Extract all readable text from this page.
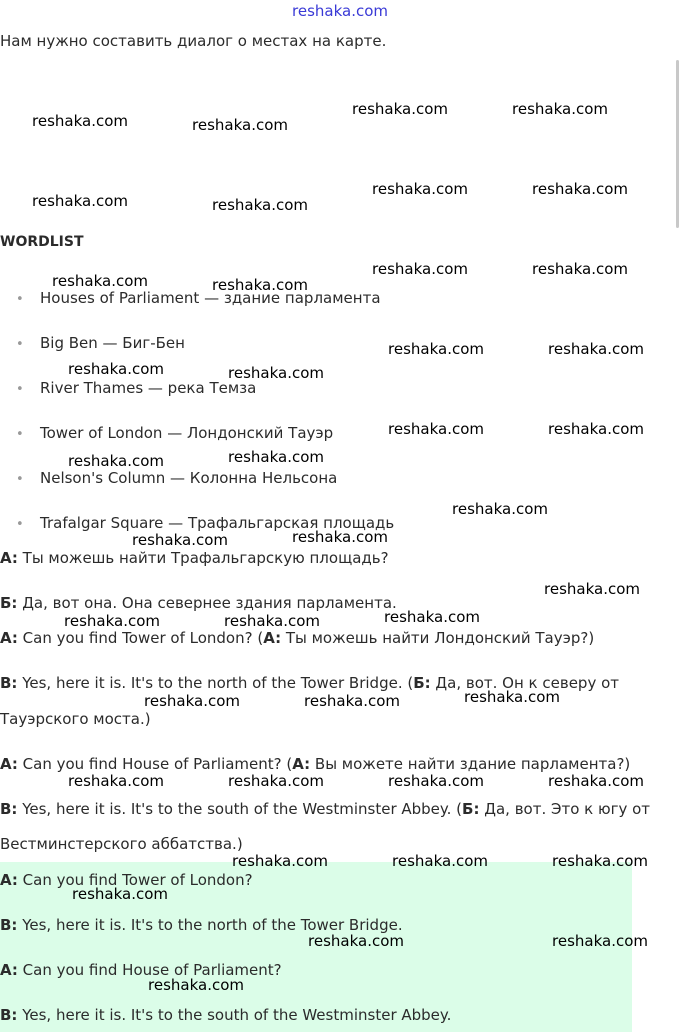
reshaka.com
Нам нужно составить диалог о местах на карте.
WORDLIST
• Houses of Parliament — здание парламента
• Big Ben — Биг-Бен
• River Thames — река Темза
• Tower of London — Лондонский Тауэр
• Nelson's Column — Колонна Нельсона
• Trafalgar Square — Трафальгарская площадь
A: Ты можешь найти Трафальгарскую площадь?
Б: Да, вот она. Она севернее здания парламента.
A: Can you find Tower of London? (A: Ты можешь найти Лондонский Тауэр?)
B: Yes, here it is. It's to the north of the Tower Bridge. (Б: Да, вот. Он к северу от
Тауэрского моста.)
A: Can you find House of Parliament? (A: Вы можете найти здание парламента?)
B: Yes, here it is. It's to the south of the Westminster Abbey. (Б: Да, вот. Это к югу от
Вестминстерского аббатства.)
A: Can you find Tower of London?
B: Yes, here it is. It's to the north of the Tower Bridge.
A: Can you find House of Parliament?
B: Yes, here it is. It's to the south of the Westminster Abbey.
reshaka.com	reshaka.com
reshaka.com	reshaka.com
reshaka.com	reshaka.com
reshaka.com	reshaka.com
reshaka.com	reshaka.com
reshaka.com	reshaka.com
reshaka.com	reshaka.com
reshaka.com	reshaka.com
reshaka.com	reshaka.com
reshaka.com	reshaka.com
reshaka.com
reshaka.com	reshaka.com
reshaka.com
reshaka.com	reshaka.com	reshaka.com
reshaka.com	reshaka.com	reshaka.com
reshaka.com	reshaka.com	reshaka.com	reshaka.com
reshaka.com	reshaka.com	reshaka.com
reshaka.com
reshaka.com	reshaka.com
reshaka.com
